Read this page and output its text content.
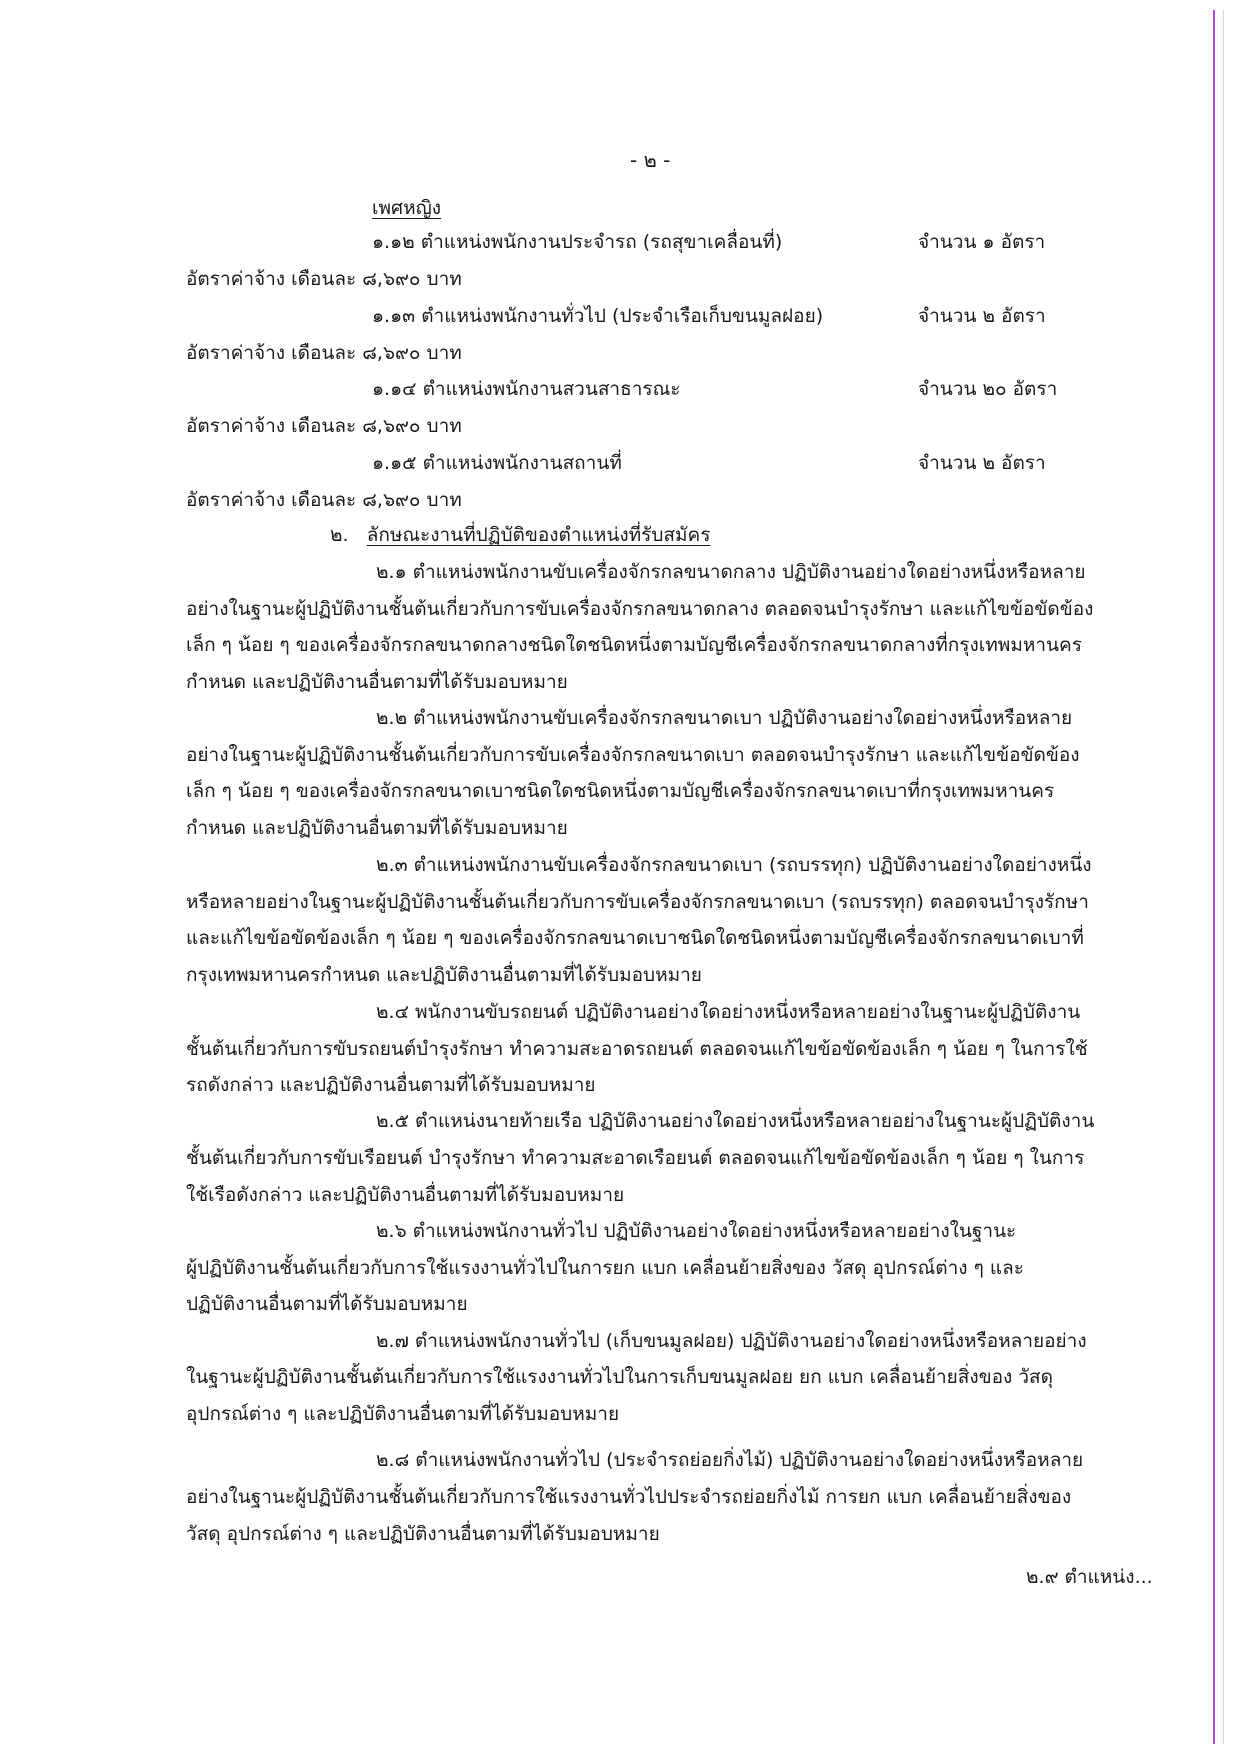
- ๒ -
เพศหญิง
๑.๑๒ ตำแหน่งพนักงานประจำรถ (รถสุขาเคลื่อนที่)	จำนวน ๑ อัตรา
อัตราค่าจ้าง เดือนละ ๘,๖๙๐ บาท
๑.๑๓ ตำแหน่งพนักงานทั่วไป (ประจำเรือเก็บขนมูลฝอย)	จำนวน ๒ อัตรา
อัตราค่าจ้าง เดือนละ ๘,๖๙๐ บาท
๑.๑๔ ตำแหน่งพนักงานสวนสาธารณะ	จำนวน ๒๐ อัตรา
อัตราค่าจ้าง เดือนละ ๘,๖๙๐ บาท
๑.๑๕ ตำแหน่งพนักงานสถานที่	จำนวน ๒ อัตรา
อัตราค่าจ้าง เดือนละ ๘,๖๙๐ บาท
๒. ลักษณะงานที่ปฏิบัติของตำแหน่งที่รับสมัคร
๒.๑ ตำแหน่งพนักงานขับเครื่องจักรกลขนาดกลาง ปฏิบัติงานอย่างใดอย่างหนึ่งหรือหลาย
อย่างในฐานะผู้ปฏิบัติงานชั้นต้นเกี่ยวกับการขับเครื่องจักรกลขนาดกลาง ตลอดจนบำรุงรักษา และแก้ไขข้อขัดข้อง
เล็ก ๆ น้อย ๆ ของเครื่องจักรกลขนาดกลางชนิดใดชนิดหนึ่งตามบัญชีเครื่องจักรกลขนาดกลางที่กรุงเทพมหานคร
กำหนด และปฏิบัติงานอื่นตามที่ได้รับมอบหมาย
๒.๒ ตำแหน่งพนักงานขับเครื่องจักรกลขนาดเบา ปฏิบัติงานอย่างใดอย่างหนึ่งหรือหลาย
อย่างในฐานะผู้ปฏิบัติงานชั้นต้นเกี่ยวกับการขับเครื่องจักรกลขนาดเบา ตลอดจนบำรุงรักษา และแก้ไขข้อขัดข้อง
เล็ก ๆ น้อย ๆ ของเครื่องจักรกลขนาดเบาชนิดใดชนิดหนึ่งตามบัญชีเครื่องจักรกลขนาดเบาที่กรุงเทพมหานคร
กำหนด และปฏิบัติงานอื่นตามที่ได้รับมอบหมาย
๒.๓ ตำแหน่งพนักงานขับเครื่องจักรกลขนาดเบา (รถบรรทุก) ปฏิบัติงานอย่างใดอย่างหนึ่ง
หรือหลายอย่างในฐานะผู้ปฏิบัติงานชั้นต้นเกี่ยวกับการขับเครื่องจักรกลขนาดเบา (รถบรรทุก) ตลอดจนบำรุงรักษา
และแก้ไขข้อขัดข้องเล็ก ๆ น้อย ๆ ของเครื่องจักรกลขนาดเบาชนิดใดชนิดหนึ่งตามบัญชีเครื่องจักรกลขนาดเบาที่
กรุงเทพมหานครกำหนด และปฏิบัติงานอื่นตามที่ได้รับมอบหมาย
๒.๔ พนักงานขับรถยนต์ ปฏิบัติงานอย่างใดอย่างหนึ่งหรือหลายอย่างในฐานะผู้ปฏิบัติงาน
ชั้นต้นเกี่ยวกับการขับรถยนต์บำรุงรักษา ทำความสะอาดรถยนต์ ตลอดจนแก้ไขข้อขัดข้องเล็ก ๆ น้อย ๆ ในการใช้
รถดังกล่าว และปฏิบัติงานอื่นตามที่ได้รับมอบหมาย
๒.๕ ตำแหน่งนายท้ายเรือ ปฏิบัติงานอย่างใดอย่างหนึ่งหรือหลายอย่างในฐานะผู้ปฏิบัติงาน
ชั้นต้นเกี่ยวกับการขับเรือยนต์ บำรุงรักษา ทำความสะอาดเรือยนต์ ตลอดจนแก้ไขข้อขัดข้องเล็ก ๆ น้อย ๆ ในการ
ใช้เรือดังกล่าว และปฏิบัติงานอื่นตามที่ได้รับมอบหมาย
๒.๖ ตำแหน่งพนักงานทั่วไป ปฏิบัติงานอย่างใดอย่างหนึ่งหรือหลายอย่างในฐานะ
ผู้ปฏิบัติงานชั้นต้นเกี่ยวกับการใช้แรงงานทั่วไปในการยก แบก เคลื่อนย้ายสิ่งของ วัสดุ อุปกรณ์ต่าง ๆ และ
ปฏิบัติงานอื่นตามที่ได้รับมอบหมาย
๒.๗ ตำแหน่งพนักงานทั่วไป (เก็บขนมูลฝอย) ปฏิบัติงานอย่างใดอย่างหนึ่งหรือหลายอย่าง
ในฐานะผู้ปฏิบัติงานชั้นต้นเกี่ยวกับการใช้แรงงานทั่วไปในการเก็บขนมูลฝอย ยก แบก เคลื่อนย้ายสิ่งของ วัสดุ
อุปกรณ์ต่าง ๆ และปฏิบัติงานอื่นตามที่ได้รับมอบหมาย
๒.๘ ตำแหน่งพนักงานทั่วไป (ประจำรถย่อยกิ่งไม้) ปฏิบัติงานอย่างใดอย่างหนึ่งหรือหลาย
อย่างในฐานะผู้ปฏิบัติงานชั้นต้นเกี่ยวกับการใช้แรงงานทั่วไปประจำรถย่อยกิ่งไม้ การยก แบก เคลื่อนย้ายสิ่งของ
วัสดุ อุปกรณ์ต่าง ๆ และปฏิบัติงานอื่นตามที่ได้รับมอบหมาย
๒.๙ ตำแหน่ง...
